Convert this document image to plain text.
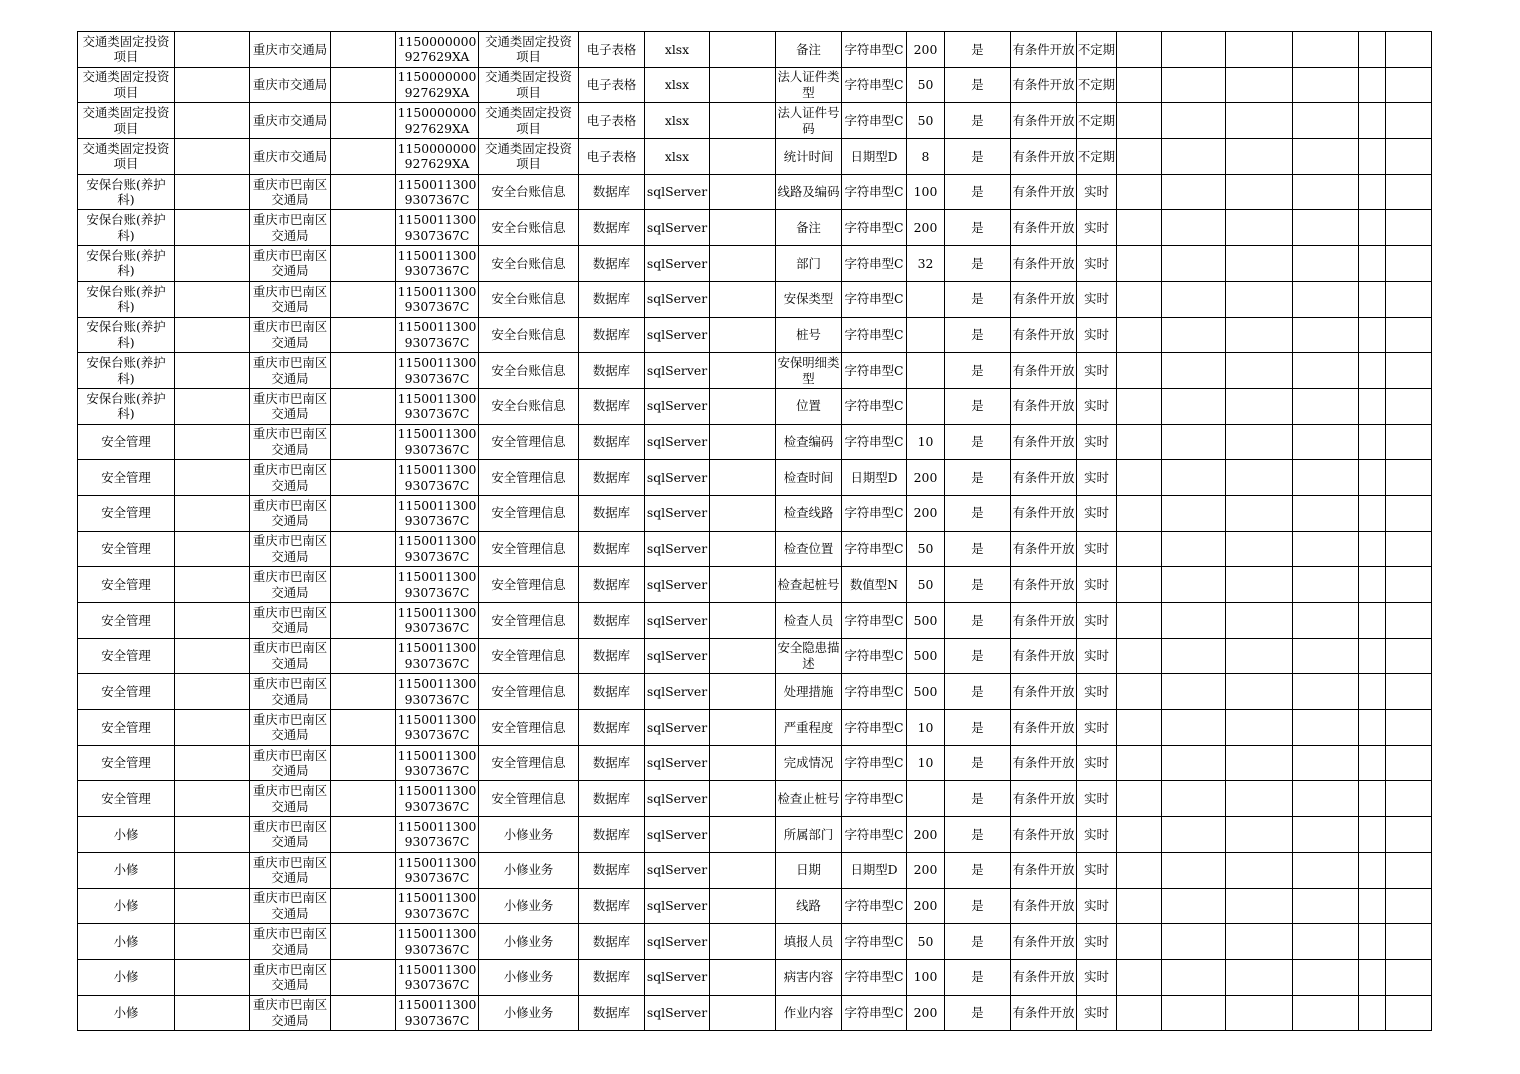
交通类固定投资项目		重庆市交通局		1150000000927629XA	交通类固定投资项目	电子表格	xlsx		备注	字符串型C	200	是	有条件开放	不定期						
交通类固定投资项目		重庆市交通局		1150000000927629XA	交通类固定投资项目	电子表格	xlsx		法人证件类型	字符串型C	50	是	有条件开放	不定期						
交通类固定投资项目		重庆市交通局		1150000000927629XA	交通类固定投资项目	电子表格	xlsx		法人证件号码	字符串型C	50	是	有条件开放	不定期						
交通类固定投资项目		重庆市交通局		1150000000927629XA	交通类固定投资项目	电子表格	xlsx		统计时间	日期型D	8	是	有条件开放	不定期						
安保台账(养护科)		重庆市巴南区交通局		11500113009307367C	安全台账信息	数据库	sqlServer		线路及编码	字符串型C	100	是	有条件开放	实时						
安保台账(养护科)		重庆市巴南区交通局		11500113009307367C	安全台账信息	数据库	sqlServer		备注	字符串型C	200	是	有条件开放	实时						
安保台账(养护科)		重庆市巴南区交通局		11500113009307367C	安全台账信息	数据库	sqlServer		部门	字符串型C	32	是	有条件开放	实时						
安保台账(养护科)		重庆市巴南区交通局		11500113009307367C	安全台账信息	数据库	sqlServer		安保类型	字符串型C		是	有条件开放	实时						
安保台账(养护科)		重庆市巴南区交通局		11500113009307367C	安全台账信息	数据库	sqlServer		桩号	字符串型C		是	有条件开放	实时						
安保台账(养护科)		重庆市巴南区交通局		11500113009307367C	安全台账信息	数据库	sqlServer		安保明细类型	字符串型C		是	有条件开放	实时						
安保台账(养护科)		重庆市巴南区交通局		11500113009307367C	安全台账信息	数据库	sqlServer		位置	字符串型C		是	有条件开放	实时						
安全管理		重庆市巴南区交通局		11500113009307367C	安全管理信息	数据库	sqlServer		检查编码	字符串型C	10	是	有条件开放	实时						
安全管理		重庆市巴南区交通局		11500113009307367C	安全管理信息	数据库	sqlServer		检查时间	日期型D	200	是	有条件开放	实时						
安全管理		重庆市巴南区交通局		11500113009307367C	安全管理信息	数据库	sqlServer		检查线路	字符串型C	200	是	有条件开放	实时						
安全管理		重庆市巴南区交通局		11500113009307367C	安全管理信息	数据库	sqlServer		检查位置	字符串型C	50	是	有条件开放	实时						
安全管理		重庆市巴南区交通局		11500113009307367C	安全管理信息	数据库	sqlServer		检查起桩号	数值型N	50	是	有条件开放	实时						
安全管理		重庆市巴南区交通局		11500113009307367C	安全管理信息	数据库	sqlServer		检查人员	字符串型C	500	是	有条件开放	实时						
安全管理		重庆市巴南区交通局		11500113009307367C	安全管理信息	数据库	sqlServer		安全隐患描述	字符串型C	500	是	有条件开放	实时						
安全管理		重庆市巴南区交通局		11500113009307367C	安全管理信息	数据库	sqlServer		处理措施	字符串型C	500	是	有条件开放	实时						
安全管理		重庆市巴南区交通局		11500113009307367C	安全管理信息	数据库	sqlServer		严重程度	字符串型C	10	是	有条件开放	实时						
安全管理		重庆市巴南区交通局		11500113009307367C	安全管理信息	数据库	sqlServer		完成情况	字符串型C	10	是	有条件开放	实时						
安全管理		重庆市巴南区交通局		11500113009307367C	安全管理信息	数据库	sqlServer		检查止桩号	字符串型C		是	有条件开放	实时						
小修		重庆市巴南区交通局		11500113009307367C	小修业务	数据库	sqlServer		所属部门	字符串型C	200	是	有条件开放	实时						
小修		重庆市巴南区交通局		11500113009307367C	小修业务	数据库	sqlServer		日期	日期型D	200	是	有条件开放	实时						
小修		重庆市巴南区交通局		11500113009307367C	小修业务	数据库	sqlServer		线路	字符串型C	200	是	有条件开放	实时						
小修		重庆市巴南区交通局		11500113009307367C	小修业务	数据库	sqlServer		填报人员	字符串型C	50	是	有条件开放	实时						
小修		重庆市巴南区交通局		11500113009307367C	小修业务	数据库	sqlServer		病害内容	字符串型C	100	是	有条件开放	实时						
小修		重庆市巴南区交通局		11500113009307367C	小修业务	数据库	sqlServer		作业内容	字符串型C	200	是	有条件开放	实时						
